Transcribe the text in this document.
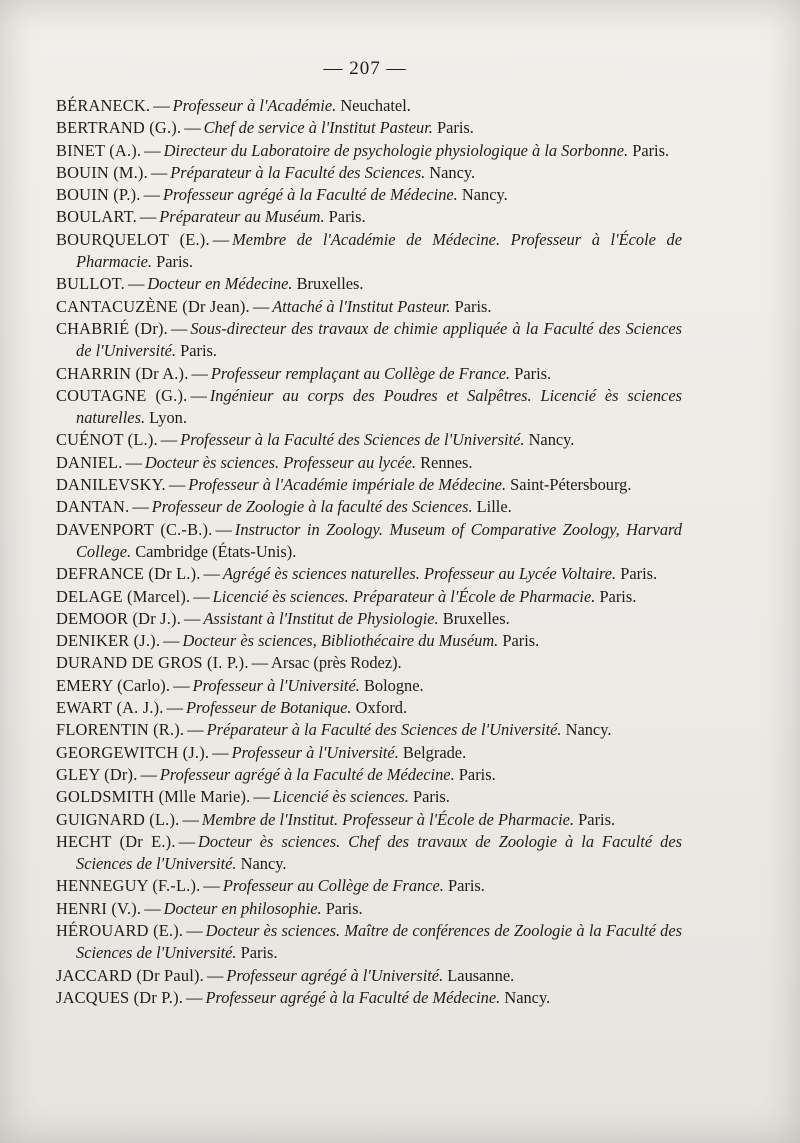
— 207 —

BÉRANECK. — Professeur à l'Académie. Neuchatel.

BERTRAND (G.). — Chef de service à l'Institut Pasteur. Paris.

BINET (A.). — Directeur du Laboratoire de psychologie physiologique à la Sorbonne. Paris.

BOUIN (M.). — Préparateur à la Faculté des Sciences. Nancy.

BOUIN (P.). — Professeur agrégé à la Faculté de Médecine. Nancy.

BOULART. — Préparateur au Muséum. Paris.

BOURQUELOT (E.). — Membre de l'Académie de Médecine. Professeur à l'École de Pharmacie. Paris.

BULLOT. — Docteur en Médecine. Bruxelles.

CANTACUZÈNE (Dr Jean). — Attaché à l'Institut Pasteur. Paris.

CHABRIÉ (Dr). — Sous-directeur des travaux de chimie appliquée à la Faculté des Sciences de l'Université. Paris.

CHARRIN (Dr A.). — Professeur remplaçant au Collège de France. Paris.

COUTAGNE (G.). — Ingénieur au corps des Poudres et Salpêtres. Licencié ès sciences naturelles. Lyon.

CUÉNOT (L.). — Professeur à la Faculté des Sciences de l'Université. Nancy.

DANIEL. — Docteur ès sciences. Professeur au lycée. Rennes.

DANILEVSKY. — Professeur à l'Académie impériale de Médecine. Saint-Pétersbourg.

DANTAN. — Professeur de Zoologie à la faculté des Sciences. Lille.

DAVENPORT (C.-B.). — Instructor in Zoology. Museum of Comparative Zoology, Harvard College. Cambridge (États-Unis).

DEFRANCE (Dr L.). — Agrégé ès sciences naturelles. Professeur au Lycée Voltaire. Paris.

DELAGE (Marcel). — Licencié ès sciences. Préparateur à l'École de Pharmacie. Paris.

DEMOOR (Dr J.). — Assistant à l'Institut de Physiologie. Bruxelles.

DENIKER (J.). — Docteur ès sciences, Bibliothécaire du Muséum. Paris.

DURAND DE GROS (I. P.). — Arsac (près Rodez).

EMERY (Carlo). — Professeur à l'Université. Bologne.

EWART (A. J.). — Professeur de Botanique. Oxford.

FLORENTIN (R.). — Préparateur à la Faculté des Sciences de l'Université. Nancy.

GEORGEWITCH (J.). — Professeur à l'Université. Belgrade.

GLEY (Dr). — Professeur agrégé à la Faculté de Médecine. Paris.

GOLDSMITH (Mlle Marie). — Licencié ès sciences. Paris.

GUIGNARD (L.). — Membre de l'Institut. Professeur à l'École de Pharmacie. Paris.

HECHT (Dr E.). — Docteur ès sciences. Chef des travaux de Zoologie à la Faculté des Sciences de l'Université. Nancy.

HENNEGUY (F.-L.). — Professeur au Collège de France. Paris.

HENRI (V.). — Docteur en philosophie. Paris.

HÉROUARD (E.). — Docteur ès sciences. Maître de conférences de Zoologie à la Faculté des Sciences de l'Université. Paris.

JACCARD (Dr Paul). — Professeur agrégé à l'Université. Lausanne.

JACQUES (Dr P.). — Professeur agrégé à la Faculté de Médecine. Nancy.
